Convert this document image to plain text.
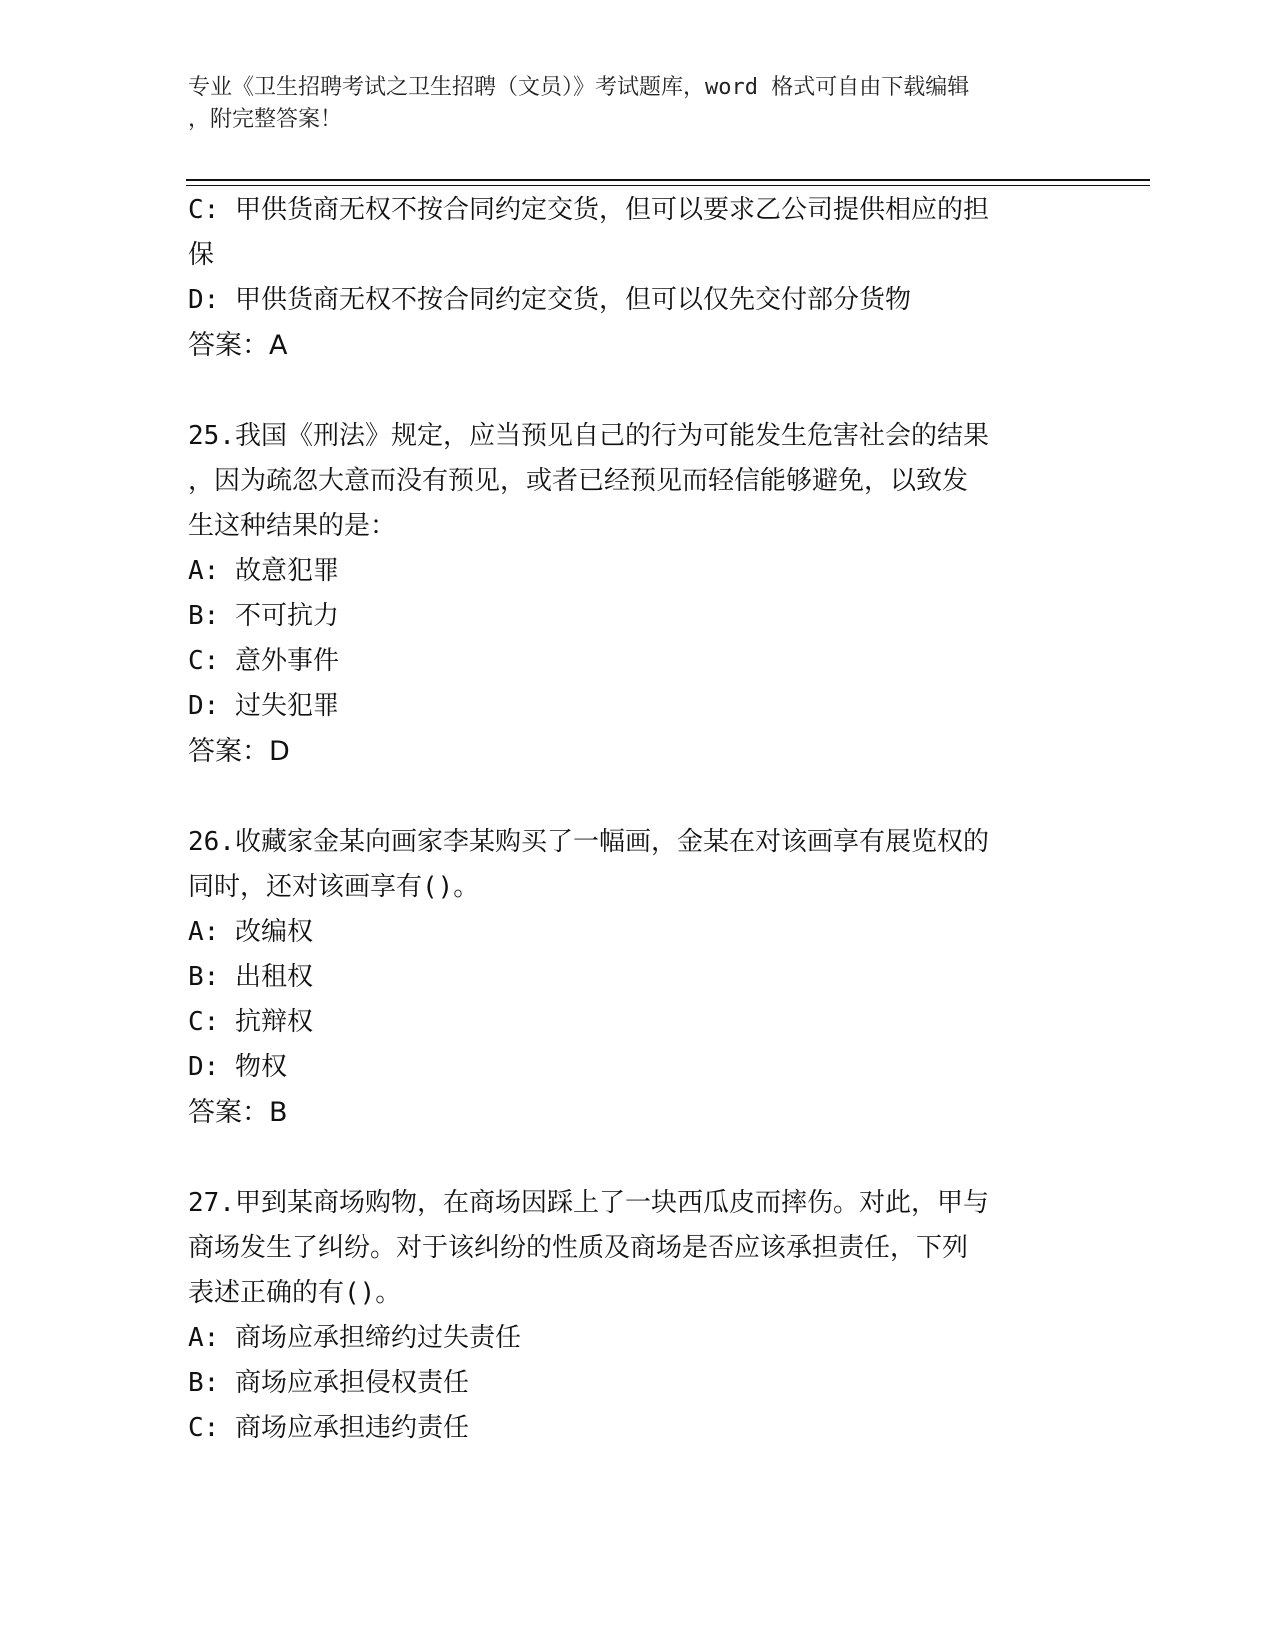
专业《卫生招聘考试之卫生招聘（文员）》考试题库，word 格式可自由下载编辑
，附完整答案！
C: 甲供货商无权不按合同约定交货，但可以要求乙公司提供相应的担
保
D: 甲供货商无权不按合同约定交货，但可以仅先交付部分货物
答案：A
25.我国《刑法》规定，应当预见自己的行为可能发生危害社会的结果
，因为疏忽大意而没有预见，或者已经预见而轻信能够避免，以致发
生这种结果的是：
A: 故意犯罪
B: 不可抗力
C: 意外事件
D: 过失犯罪
答案：D
26.收藏家金某向画家李某购买了一幅画，金某在对该画享有展览权的
同时，还对该画享有()。
A: 改编权
B: 出租权
C: 抗辩权
D: 物权
答案：B
27.甲到某商场购物，在商场因踩上了一块西瓜皮而摔伤。对此，甲与
商场发生了纠纷。对于该纠纷的性质及商场是否应该承担责任，下列
表述正确的有()。
A: 商场应承担缔约过失责任
B: 商场应承担侵权责任
C: 商场应承担违约责任
